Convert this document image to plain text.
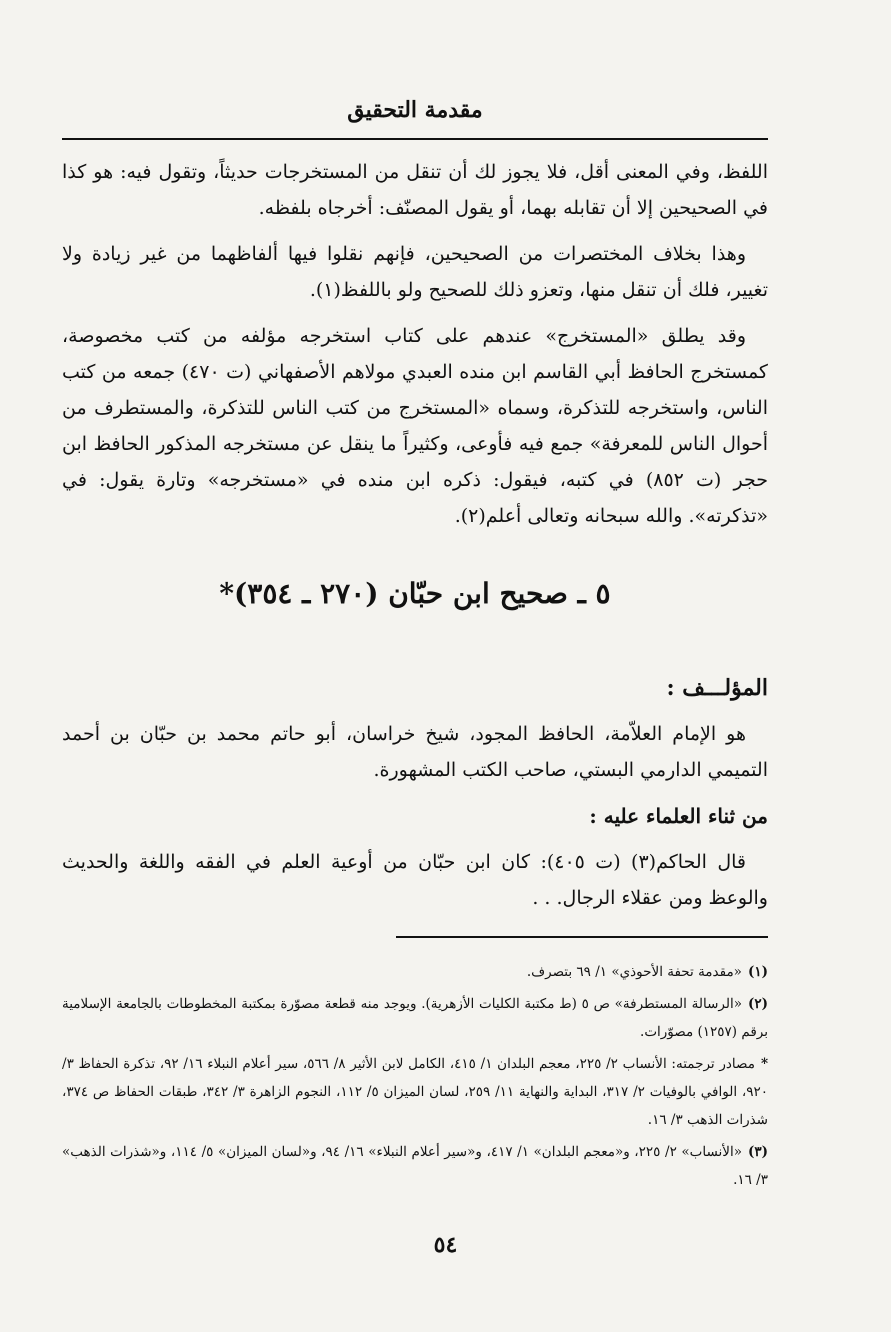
مقدمة التحقيق

اللفظ، وفي المعنى أقل، فلا يجوز لك أن تنقل من المستخرجات حديثاً، وتقول فيه: هو كذا في الصحيحين إلا أن تقابله بهما، أو يقول المصنّف: أخرجاه بلفظه.

وهذا بخلاف المختصرات من الصحيحين، فإنهم نقلوا فيها ألفاظهما من غير زيادة ولا تغيير، فلك أن تنقل منها، وتعزو ذلك للصحيح ولو باللفظ(١).

وقد يطلق «المستخرج» عندهم على كتاب استخرجه مؤلفه من كتب مخصوصة، كمستخرج الحافظ أبي القاسم ابن منده العبدي مولاهم الأصفهاني (ت ٤٧٠) جمعه من كتب الناس، واستخرجه للتذكرة، وسماه «المستخرج من كتب الناس للتذكرة، والمستطرف من أحوال الناس للمعرفة» جمع فيه فأوعى، وكثيراً ما ينقل عن مستخرجه المذكور الحافظ ابن حجر (ت ٨٥٢) في كتبه، فيقول: ذكره ابن منده في «مستخرجه» وتارة يقول: في «تذكرته». والله سبحانه وتعالى أعلم(٢).

٥ ـ صحيح ابن حبّان (٢٧٠ ـ ٣٥٤)*
المؤلـــف :

هو الإمام العلاّمة، الحافظ المجود، شيخ خراسان، أبو حاتم محمد بن حبّان بن أحمد التميمي الدارمي البستي، صاحب الكتب المشهورة.

من ثناء العلماء عليه :

قال الحاكم(٣) (ت ٤٠٥): كان ابن حبّان من أوعية العلم في الفقه واللغة والحديث والوعظ ومن عقلاء الرجال. . .

(١)«مقدمة تحفة الأحوذي» ١/ ٦٩ بتصرف.
(٢)«الرسالة المستطرفة» ص ٥ (ط مكتبة الكليات الأزهرية). ويوجد منه قطعة مصوّرة بمكتبة المخطوطات بالجامعة الإسلامية برقم (١٢٥٧) مصوّرات.
*مصادر ترجمته: الأنساب ٢/ ٢٢٥، معجم البلدان ١/ ٤١٥، الكامل لابن الأثير ٨/ ٥٦٦، سير أعلام النبلاء ١٦/ ٩٢، تذكرة الحفاظ ٣/ ٩٢٠، الوافي بالوفيات ٢/ ٣١٧، البداية والنهاية ١١/ ٢٥٩، لسان الميزان ٥/ ١١٢، النجوم الزاهرة ٣/ ٣٤٢، طبقات الحفاظ ص ٣٧٤، شذرات الذهب ٣/ ١٦.
(٣)«الأنساب» ٢/ ٢٢٥، و«معجم البلدان» ١/ ٤١٧، و«سير أعلام النبلاء» ١٦/ ٩٤، و«لسان الميزان» ٥/ ١١٤، و«شذرات الذهب» ٣/ ١٦.
٥٤
